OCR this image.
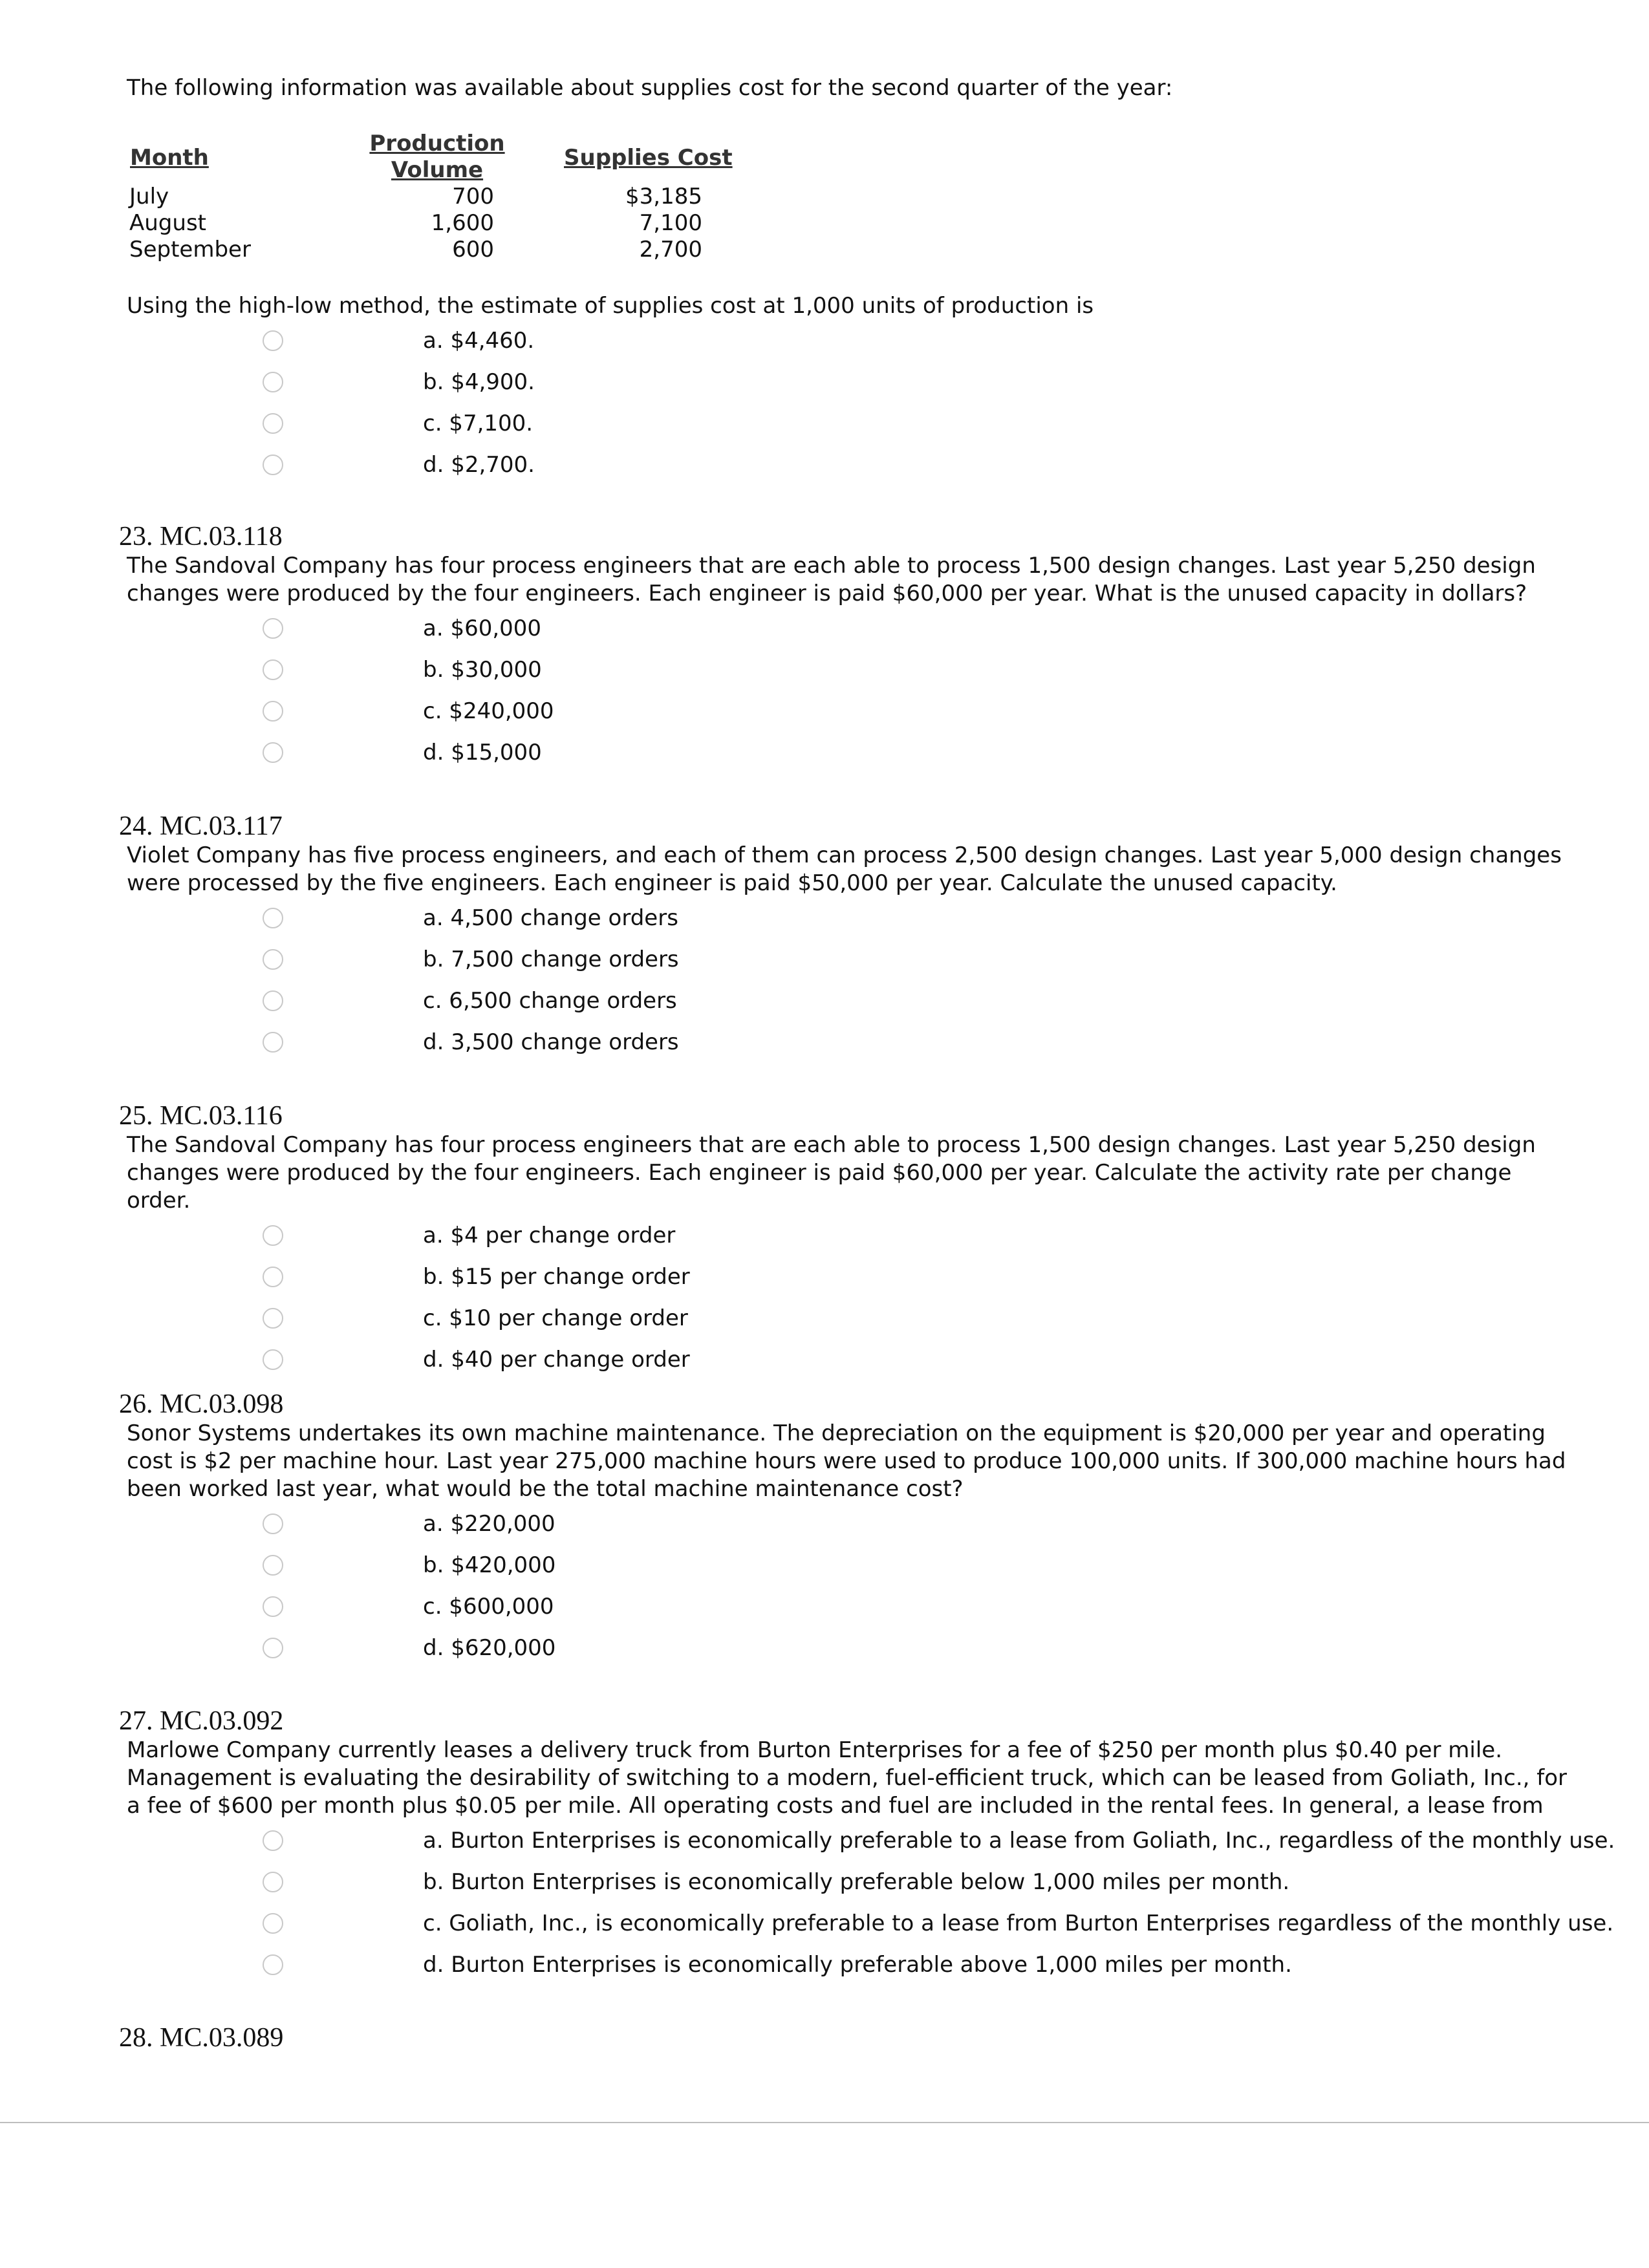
The following information was available about supplies cost for the second quarter of the year:

Month
Production
Volume	Supplies Cost
July
August
September
700
1,600
600
$3,185
7,100
2,700

Using the high-low method, the estimate of supplies cost at 1,000 units of production is

a. $4,460.
b. $4,900.
c. $7,100.
d. $2,700.
23. MC.03.118

The Sandoval Company has four process engineers that are each able to process 1,500 design changes. Last year 5,250 design changes were produced by the four engineers. Each engineer is paid $60,000 per year. What is the unused capacity in dollars?

a. $60,000
b. $30,000
c. $240,000
d. $15,000
24. MC.03.117

Violet Company has five process engineers, and each of them can process 2,500 design changes. Last year 5,000 design changes were processed by the five engineers. Each engineer is paid $50,000 per year. Calculate the unused capacity.

a. 4,500 change orders
b. 7,500 change orders
c. 6,500 change orders
d. 3,500 change orders
25. MC.03.116

The Sandoval Company has four process engineers that are each able to process 1,500 design changes. Last year 5,250 design changes were produced by the four engineers. Each engineer is paid $60,000 per year. Calculate the activity rate per change order.

a. $4 per change order
b. $15 per change order
c. $10 per change order
d. $40 per change order
26. MC.03.098

Sonor Systems undertakes its own machine maintenance. The depreciation on the equipment is $20,000 per year and operating cost is $2 per machine hour. Last year 275,000 machine hours were used to produce 100,000 units. If 300,000 machine hours had been worked last year, what would be the total machine maintenance cost?

a. $220,000
b. $420,000
c. $600,000
d. $620,000
27. MC.03.092

Marlowe Company currently leases a delivery truck from Burton Enterprises for a fee of $250 per month plus $0.40 per mile. Management is evaluating the desirability of switching to a modern, fuel-efficient truck, which can be leased from Goliath, Inc., for a fee of $600 per month plus $0.05 per mile. All operating costs and fuel are included in the rental fees. In general, a lease from

a. Burton Enterprises is economically preferable to a lease from Goliath, Inc., regardless of the monthly use.
b. Burton Enterprises is economically preferable below 1,000 miles per month.
c. Goliath, Inc., is economically preferable to a lease from Burton Enterprises regardless of the monthly use.
d. Burton Enterprises is economically preferable above 1,000 miles per month.
28. MC.03.089
